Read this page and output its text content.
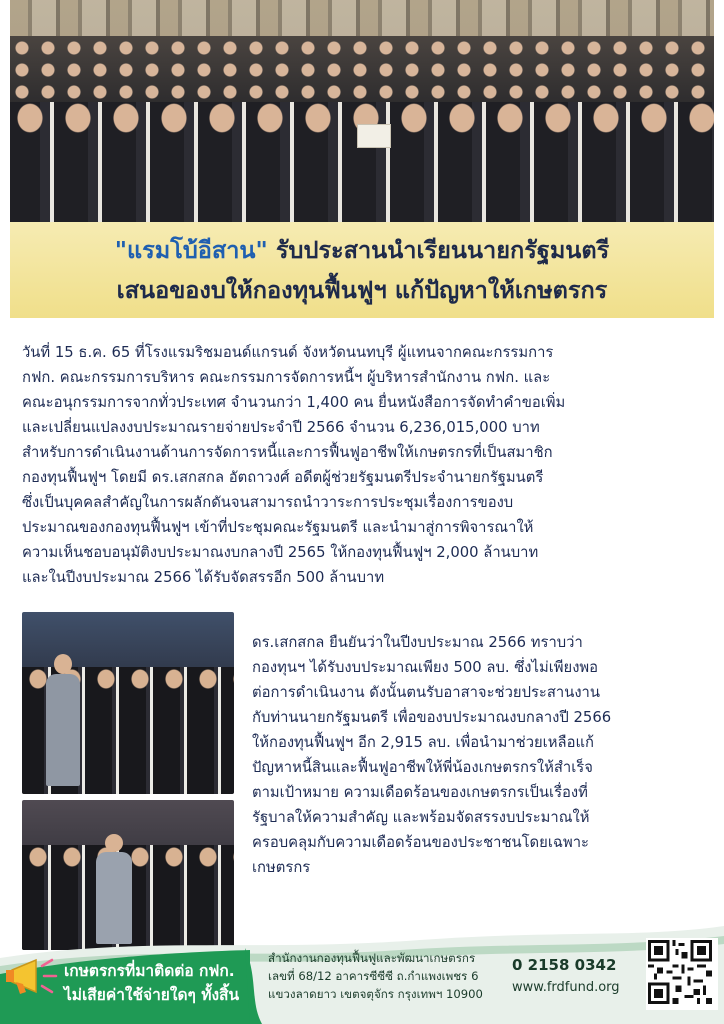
"แรมโบ้อีสาน" รับประสานนำเรียนนายกรัฐมนตรี
เสนอของบให้กองทุนฟื้นฟูฯ แก้ปัญหาให้เกษตรกร
วันที่ 15 ธ.ค. 65 ที่โรงแรมริชมอนด์แกรนด์ จังหวัดนนทบุรี ผู้แทนจากคณะกรรมการ
กฟก. คณะกรรมการบริหาร คณะกรรมการจัดการหนี้ฯ ผู้บริหารสำนักงาน กฟก. และ
คณะอนุกรรมการจากทั่วประเทศ จำนวนกว่า 1,400 คน ยื่นหนังสือการจัดทำคำขอเพิ่ม
และเปลี่ยนแปลงงบประมาณรายจ่ายประจำปี 2566 จำนวน 6,236,015,000 บาท
สำหรับการดำเนินงานด้านการจัดการหนี้และการฟื้นฟูอาชีพให้เกษตรกรที่เป็นสมาชิก
กองทุนฟื้นฟูฯ โดยมี ดร.เสกสกล อัตถาวงศ์ อดีตผู้ช่วยรัฐมนตรีประจำนายกรัฐมนตรี
ซึ่งเป็นบุคคลสำคัญในการผลักดันจนสามารถนำวาระการประชุมเรื่องการของบ
ประมาณของกองทุนฟื้นฟูฯ เข้าที่ประชุมคณะรัฐมนตรี และนำมาสู่การพิจารณาให้
ความเห็นชอบอนุมัติงบประมาณงบกลางปี 2565 ให้กองทุนฟื้นฟูฯ 2,000 ล้านบาท
และในปีงบประมาณ 2566 ได้รับจัดสรรอีก 500 ล้านบาท
ดร.เสกสกล ยืนยันว่าในปีงบประมาณ 2566 ทราบว่า
กองทุนฯ ได้รับงบประมาณเพียง 500 ลบ. ซึ่งไม่เพียงพอ
ต่อการดำเนินงาน ดังนั้นตนรับอาสาจะช่วยประสานงาน
กับท่านนายกรัฐมนตรี เพื่อของบประมาณงบกลางปี 2566
ให้กองทุนฟื้นฟูฯ อีก 2,915 ลบ. เพื่อนำมาช่วยเหลือแก้
ปัญหาหนี้สินและฟื้นฟูอาชีพให้พี่น้องเกษตรกรให้สำเร็จ
ตามเป้าหมาย ความเดือดร้อนของเกษตรกรเป็นเรื่องที่
รัฐบาลให้ความสำคัญ และพร้อมจัดสรรงบประมาณให้
ครอบคลุมกับความเดือดร้อนของประชาชนโดยเฉพาะ
เกษตรกร
เกษตรกรที่มาติดต่อ กฟก.
ไม่เสียค่าใช้จ่ายใดๆ ทั้งสิ้น
สำนักงานกองทุนฟื้นฟูและพัฒนาเกษตรกร
เลขที่ 68/12 อาคารซีซีซี ถ.กำแพงเพชร 6
แขวงลาดยาว เขตจตุจักร กรุงเทพฯ 10900
0 2158 0342
www.frdfund.org
